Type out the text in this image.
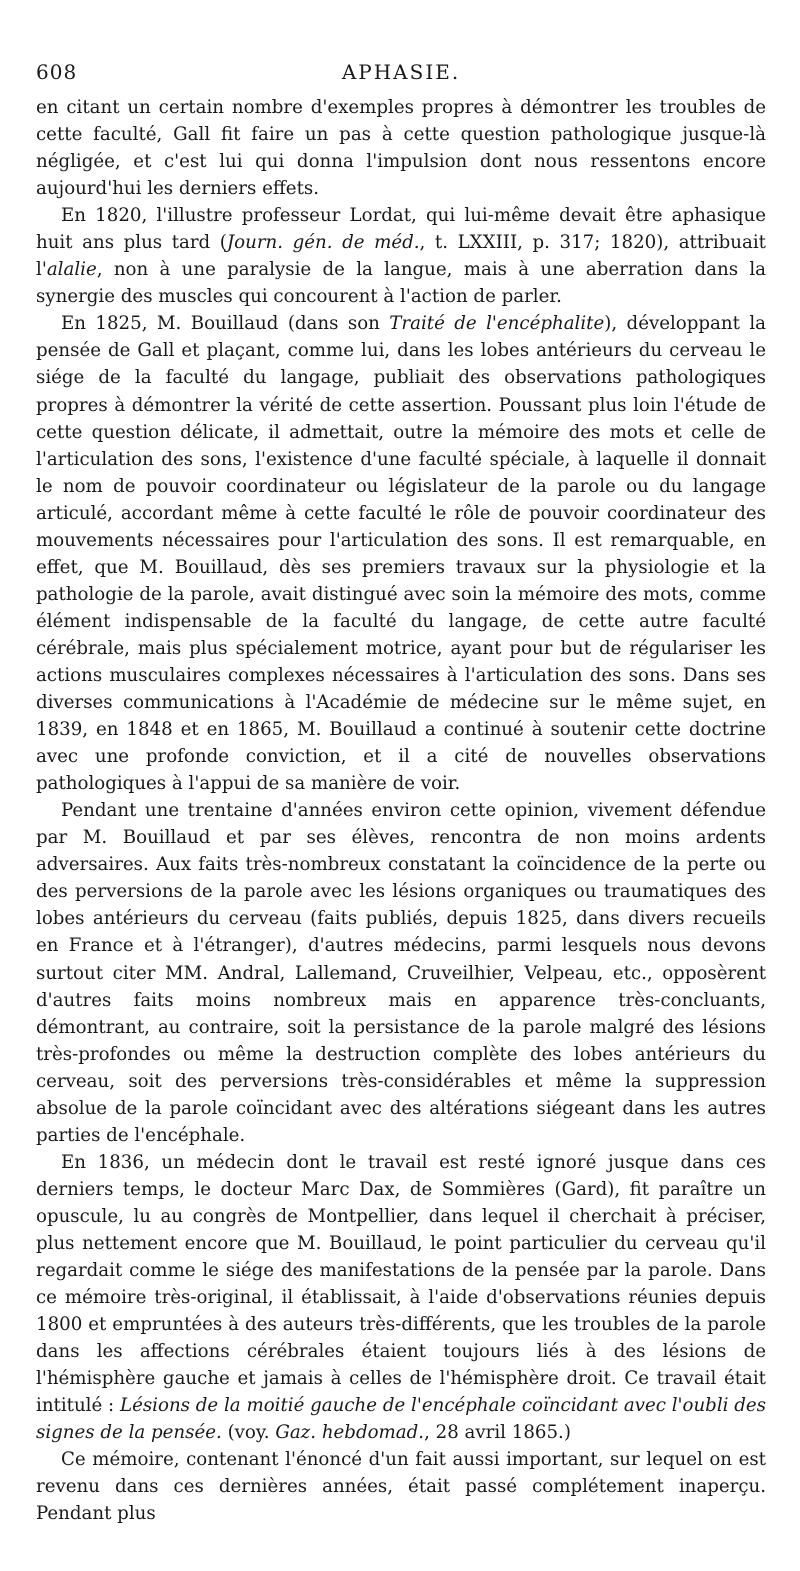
608	APHASIE.

en citant un certain nombre d'exemples propres à démontrer les troubles de cette faculté, Gall fit faire un pas à cette question pathologique jusque-là négligée, et c'est lui qui donna l'impulsion dont nous ressentons encore aujourd'hui les derniers effets.

En 1820, l'illustre professeur Lordat, qui lui-même devait être aphasique huit ans plus tard (Journ. gén. de méd., t. LXXIII, p. 317; 1820), attribuait l'alalie, non à une paralysie de la langue, mais à une aberration dans la synergie des muscles qui concourent à l'action de parler.

En 1825, M. Bouillaud (dans son Traité de l'encéphalite), développant la pensée de Gall et plaçant, comme lui, dans les lobes antérieurs du cerveau le siége de la faculté du langage, publiait des observations pathologiques propres à démontrer la vérité de cette assertion. Poussant plus loin l'étude de cette question délicate, il admettait, outre la mémoire des mots et celle de l'articulation des sons, l'existence d'une faculté spéciale, à laquelle il donnait le nom de pouvoir coordinateur ou législateur de la parole ou du langage articulé, accordant même à cette faculté le rôle de pouvoir coordinateur des mouvements nécessaires pour l'articulation des sons. Il est remarquable, en effet, que M. Bouillaud, dès ses premiers travaux sur la physiologie et la pathologie de la parole, avait distingué avec soin la mémoire des mots, comme élément indispensable de la faculté du langage, de cette autre faculté cérébrale, mais plus spécialement motrice, ayant pour but de régulariser les actions musculaires complexes nécessaires à l'articulation des sons. Dans ses diverses communications à l'Académie de médecine sur le même sujet, en 1839, en 1848 et en 1865, M. Bouillaud a continué à soutenir cette doctrine avec une profonde conviction, et il a cité de nouvelles observations pathologiques à l'appui de sa manière de voir.

Pendant une trentaine d'années environ cette opinion, vivement défendue par M. Bouillaud et par ses élèves, rencontra de non moins ardents adversaires. Aux faits très-nombreux constatant la coïncidence de la perte ou des perversions de la parole avec les lésions organiques ou traumatiques des lobes antérieurs du cerveau (faits publiés, depuis 1825, dans divers recueils en France et à l'étranger), d'autres médecins, parmi lesquels nous devons surtout citer MM. Andral, Lallemand, Cruveilhier, Velpeau, etc., opposèrent d'autres faits moins nombreux mais en apparence très-concluants, démontrant, au contraire, soit la persistance de la parole malgré des lésions très-profondes ou même la destruction complète des lobes antérieurs du cerveau, soit des perversions très-considérables et même la suppression absolue de la parole coïncidant avec des altérations siégeant dans les autres parties de l'encéphale.

En 1836, un médecin dont le travail est resté ignoré jusque dans ces derniers temps, le docteur Marc Dax, de Sommières (Gard), fit paraître un opuscule, lu au congrès de Montpellier, dans lequel il cherchait à préciser, plus nettement encore que M. Bouillaud, le point particulier du cerveau qu'il regardait comme le siége des manifestations de la pensée par la parole. Dans ce mémoire très-original, il établissait, à l'aide d'observations réunies depuis 1800 et empruntées à des auteurs très-différents, que les troubles de la parole dans les affections cérébrales étaient toujours liés à des lésions de l'hémisphère gauche et jamais à celles de l'hémisphère droit. Ce travail était intitulé : Lésions de la moitié gauche de l'encéphale coïncidant avec l'oubli des signes de la pensée. (voy. Gaz. hebdomad., 28 avril 1865.)

Ce mémoire, contenant l'énoncé d'un fait aussi important, sur lequel on est revenu dans ces dernières années, était passé complétement inaperçu. Pendant plus
